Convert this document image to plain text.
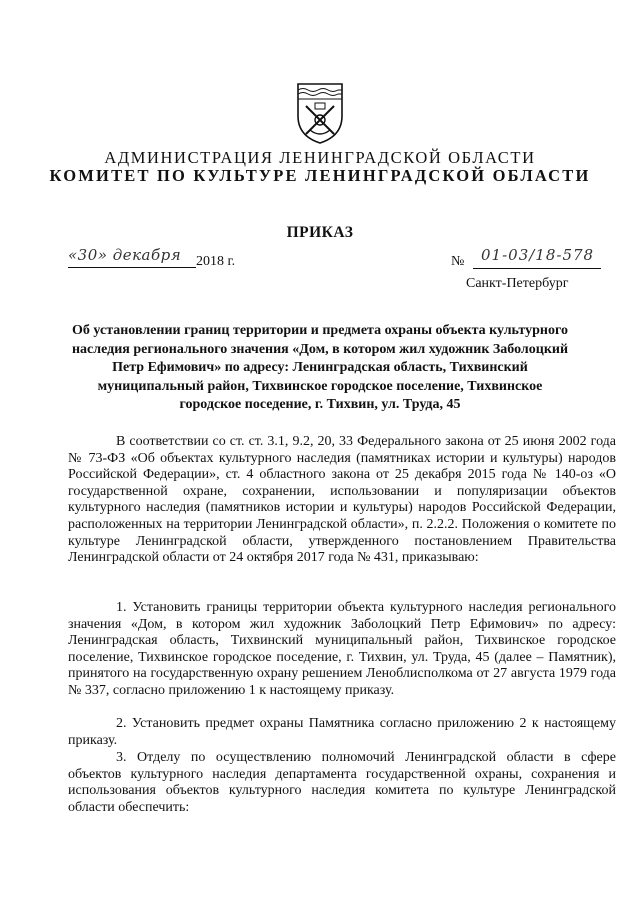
АДМИНИСТРАЦИЯ ЛЕНИНГРАДСКОЙ ОБЛАСТИ
КОМИТЕТ ПО КУЛЬТУРЕ ЛЕНИНГРАДСКОЙ ОБЛАСТИ
ПРИКАЗ
«30» декабря 2018 г.	№ 01-03/18-578
Санкт-Петербург
Об установлении границ территории и предмета охраны объекта культурного наследия регионального значения «Дом, в котором жил художник Заболоцкий Петр Ефимович» по адресу: Ленинградская область, Тихвинский муниципальный район, Тихвинское городское поселение, Тихвинское городское поседение, г. Тихвин, ул. Труда, 45

В соответствии со ст. ст. 3.1, 9.2, 20, 33 Федерального закона от 25 июня 2002 года № 73-ФЗ «Об объектах культурного наследия (памятниках истории и культуры) народов Российской Федерации», ст. 4 областного закона от 25 декабря 2015 года № 140-оз «О государственной охране, сохранении, использовании и популяризации объектов культурного наследия (памятников истории и культуры) народов Российской Федерации, расположенных на территории Ленинградской области», п. 2.2.2. Положения о комитете по культуре Ленинградской области, утвержденного постановлением Правительства Ленинградской области от 24 октября 2017 года № 431, приказываю:

1. Установить границы территории объекта культурного наследия регионального значения «Дом, в котором жил художник Заболоцкий Петр Ефимович» по адресу: Ленинградская область, Тихвинский муниципальный район, Тихвинское городское поселение, Тихвинское городское поседение, г. Тихвин, ул. Труда, 45 (далее – Памятник), принятого на государственную охрану решением Леноблисполкома от 27 августа 1979 года № 337, согласно приложению 1 к настоящему приказу.

2. Установить предмет охраны Памятника согласно приложению 2 к настоящему приказу.

3. Отделу по осуществлению полномочий Ленинградской области в сфере объектов культурного наследия департамента государственной охраны, сохранения и использования объектов культурного наследия комитета по культуре Ленинградской области обеспечить:
